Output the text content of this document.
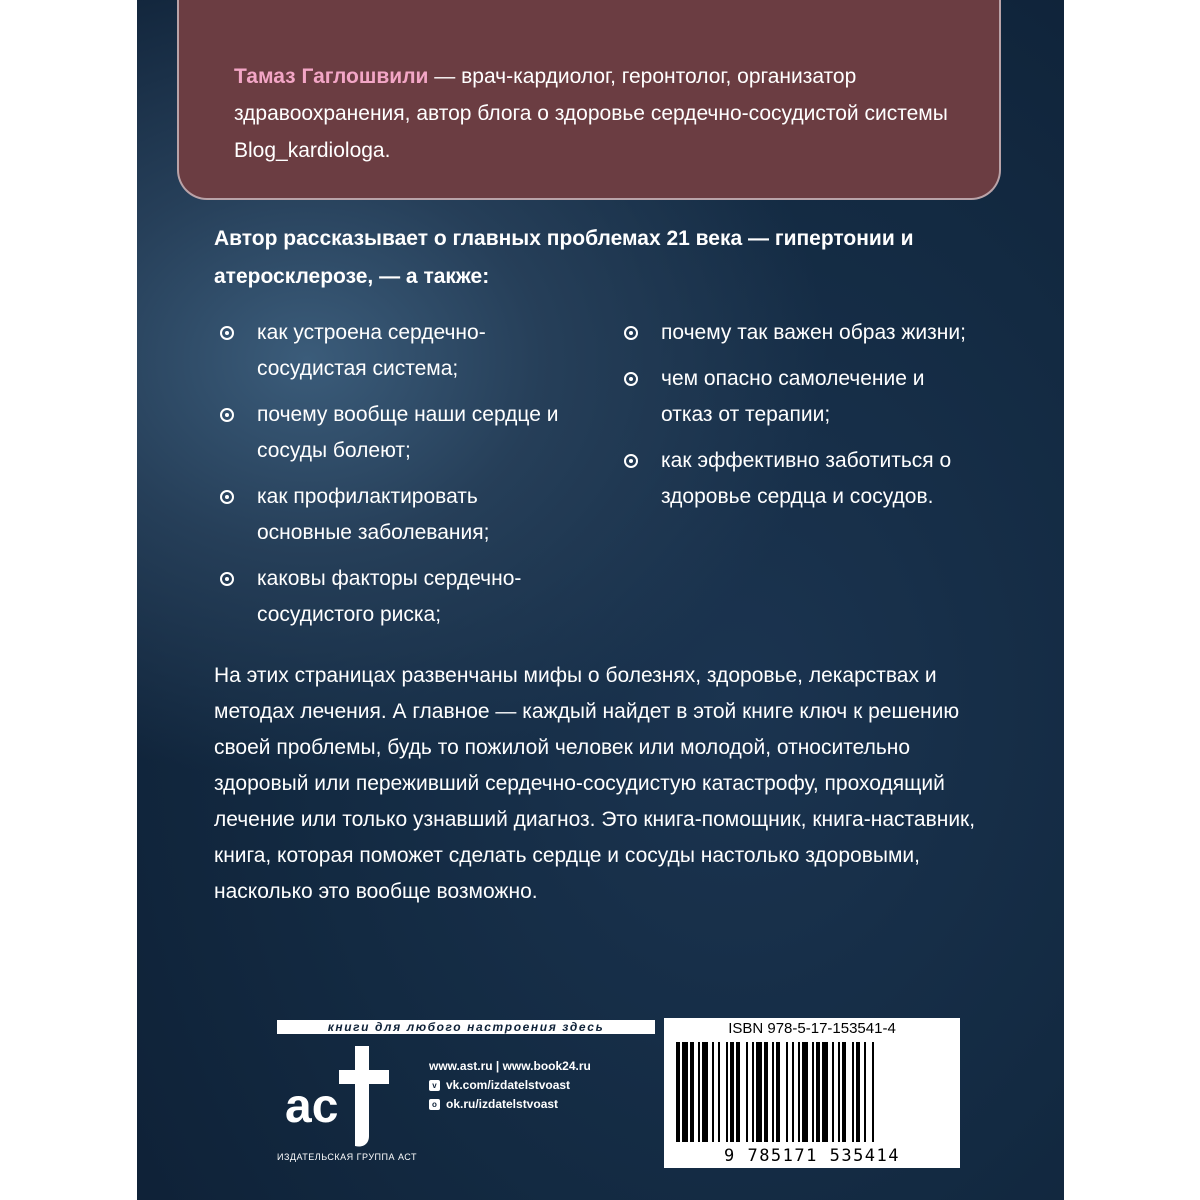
Тамаз Гаглошвили — врач-кардиолог, геронтолог, организатор здравоохранения, автор блога о здоровье сердечно-сосудистой системы Blog_kardiologa.

Автор рассказывает о главных проблемах 21 века — гипертонии и атеросклерозе, — а также:

как устроена сердечно-сосудистая система;
почему вообще наши сердце и сосуды болеют;
как профилактировать основные заболевания;
каковы факторы сердечно-сосудистого риска;
почему так важен образ жизни;
чем опасно самолечение и отказ от терапии;
как эффективно заботиться о здоровье сердца и сосудов.

На этих страницах развенчаны мифы о болезнях, здоровье, лекарствах и методах лечения. А главное — каждый найдет в этой книге ключ к решению своей проблемы, будь то пожилой человек или молодой, относительно здоровый или переживший сердечно-сосудистую катастрофу, проходящий лечение или только узнавший диагноз. Это книга-помощник, книга-наставник, книга, которая поможет сделать сердце и сосуды настолько здоровыми, насколько это вообще возможно.

книги для любого настроения здесь
ac
ИЗДАТЕЛЬСКАЯ ГРУППА АСТ
www.ast.ru | www.book24.ru
v vk.com/izdatelstvoast
o ok.ru/izdatelstvoast
ISBN 978-5-17-153541-4
9 785171 535414
